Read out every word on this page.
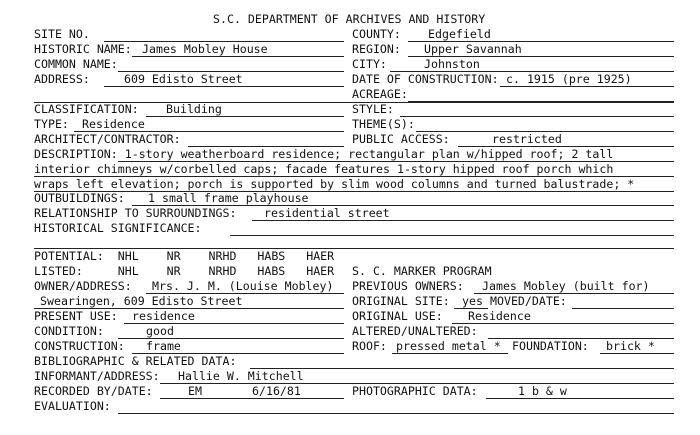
S.C. DEPARTMENT OF ARCHIVES AND HISTORY
SITE NO.	COUNTY: Edgefield
HISTORIC NAME: James Mobley House	REGION: Upper Savannah
COMMON NAME:	CITY:	Johnston
ADDRESS:	609 Edisto Street	DATE OF CONSTRUCTION: c. 1915 (pre 1925)
ACREAGE:
CLASSIFICATION: Building	STYLE:
TYPE: Residence	THEME(S):
ARCHITECT/CONTRACTOR:	PUBLIC ACCESS:	restricted
DESCRIPTION: 1-story weatherboard residence; rectangular plan w/hipped roof; 2 tall
interior chimneys w/corbelled caps; facade features 1-story hipped roof porch which
wraps left elevation; porch is supported by slim wood columns and turned balustrade; *
OUTBUILDINGS: 1 small frame playhouse
RELATIONSHIP TO SURROUNDINGS: residential street
HISTORICAL SIGNIFICANCE:
POTENTIAL:  NHL    NR    NRHD   HABS   HAER
LISTED:     NHL    NR    NRHD   HABS   HAER S. C. MARKER PROGRAM
OWNER/ADDRESS: Mrs. J. M. (Louise Mobley) PREVIOUS OWNERS: James Mobley (built for)
Swearingen, 609 Edisto Street	ORIGINAL SITE: yes MOVED/DATE:
PRESENT USE: residence	ORIGINAL USE: Residence
CONDITION:	good	ALTERED/UNALTERED:
CONSTRUCTION: frame	ROOF: pressed metal * FOUNDATION: brick *
BIBLIOGRAPHIC & RELATED DATA:
INFORMANT/ADDRESS: Hallie W. Mitchell
RECORDED BY/DATE:	EM	6/16/81	PHOTOGRAPHIC DATA:	1 b & w
EVALUATION:
